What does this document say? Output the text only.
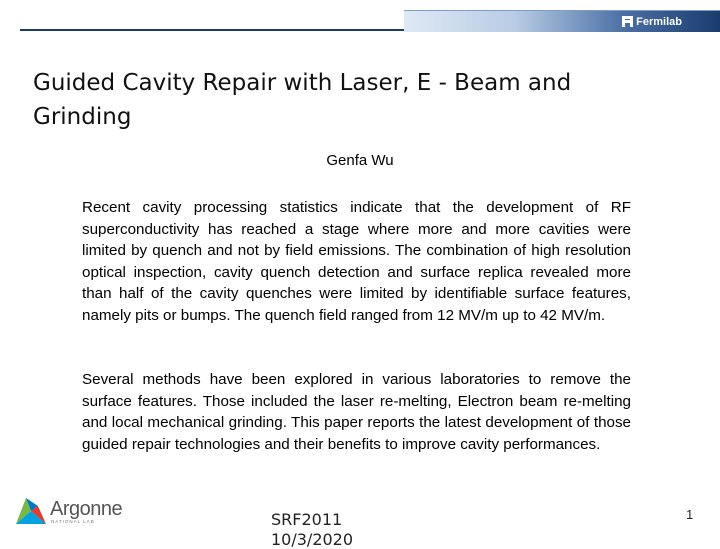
Fermilab
Guided Cavity Repair with Laser, E - Beam and Grinding

Genfa Wu

Recent cavity processing statistics indicate that the development of RF superconductivity has reached a stage where more and more cavities were limited by quench and not by field emissions. The combination of high resolution optical inspection, cavity quench detection and surface replica revealed more than half of the cavity quenches were limited by identifiable surface features, namely pits or bumps. The quench field ranged from 12 MV/m up to 42 MV/m.

Several methods have been explored in various laboratories to remove the surface features. Those included the laser re-melting, Electron beam re-melting and local mechanical grinding. This paper reports the latest development of those guided repair technologies and their benefits to improve cavity performances.

Argonne
NATIONAL LAB	SRF2011
10/3/2020
1
